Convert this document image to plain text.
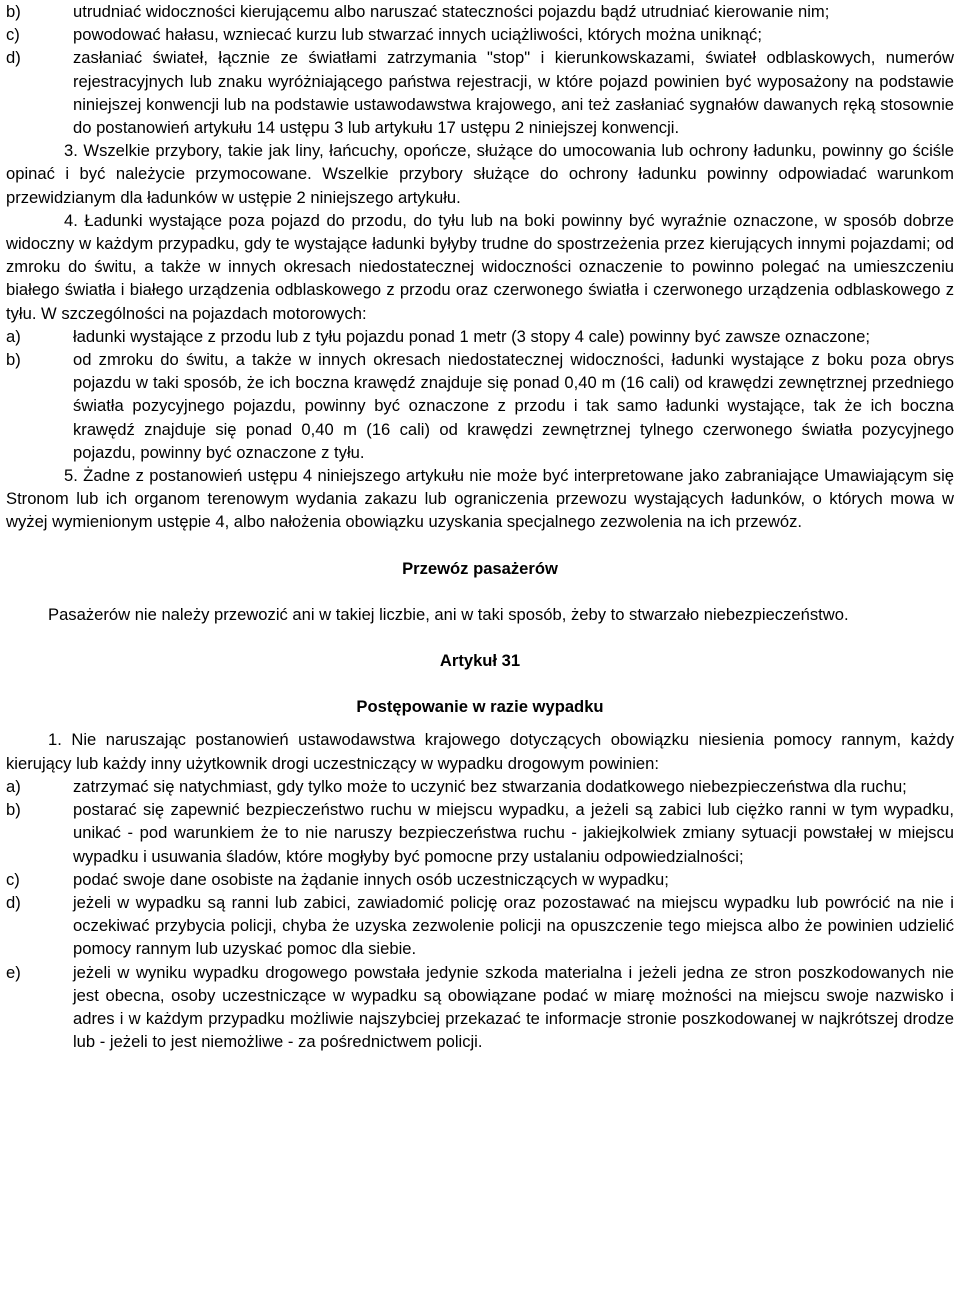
b)	utrudniać widoczności kierującemu albo naruszać stateczności pojazdu bądź utrudniać kierowanie nim;
c)	powodować hałasu, wzniecać kurzu lub stwarzać innych uciążliwości, których można uniknąć;
d)	zasłaniać świateł, łącznie ze światłami zatrzymania "stop" i kierunkowskazami, świateł odblaskowych, numerów rejestracyjnych lub znaku wyróżniającego państwa rejestracji, w które pojazd powinien być wyposażony na podstawie niniejszej konwencji lub na podstawie ustawodawstwa krajowego, ani też zasłaniać sygnałów dawanych ręką stosownie do postanowień artykułu 14 ustępu 3 lub artykułu 17 ustępu 2 niniejszej konwencji.

3. Wszelkie przybory, takie jak liny, łańcuchy, opończe, służące do umocowania lub ochrony ładunku, powinny go ściśle opinać i być należycie przymocowane. Wszelkie przybory służące do ochrony ładunku powinny odpowiadać warunkom przewidzianym dla ładunków w ustępie 2 niniejszego artykułu.

4. Ładunki wystające poza pojazd do przodu, do tyłu lub na boki powinny być wyraźnie oznaczone, w sposób dobrze widoczny w każdym przypadku, gdy te wystające ładunki byłyby trudne do spostrzeżenia przez kierujących innymi pojazdami; od zmroku do świtu, a także w innych okresach niedostatecznej widoczności oznaczenie to powinno polegać na umieszczeniu białego światła i białego urządzenia odblaskowego z przodu oraz czerwonego światła i czerwonego urządzenia odblaskowego z tyłu. W szczególności na pojazdach motorowych:

a)	ładunki wystające z przodu lub z tyłu pojazdu ponad 1 metr (3 stopy 4 cale) powinny być zawsze oznaczone;
b)	od zmroku do świtu, a także w innych okresach niedostatecznej widoczności, ładunki wystające z boku poza obrys pojazdu w taki sposób, że ich boczna krawędź znajduje się ponad 0,40 m (16 cali) od krawędzi zewnętrznej przedniego światła pozycyjnego pojazdu, powinny być oznaczone z przodu i tak samo ładunki wystające, tak że ich boczna krawędź znajduje się ponad 0,40 m (16 cali) od krawędzi zewnętrznej tylnego czerwonego światła pozycyjnego pojazdu, powinny być oznaczone z tyłu.

5. Żadne z postanowień ustępu 4 niniejszego artykułu nie może być interpretowane jako zabraniające Umawiającym się Stronom lub ich organom terenowym wydania zakazu lub ograniczenia przewozu wystających ładunków, o których mowa w wyżej wymienionym ustępie 4, albo nałożenia obowiązku uzyskania specjalnego zezwolenia na ich przewóz.

Przewóz pasażerów

Pasażerów nie należy przewozić ani w takiej liczbie, ani w taki sposób, żeby to stwarzało niebezpieczeństwo.

Artykuł 31

Postępowanie w razie wypadku

1. Nie naruszając postanowień ustawodawstwa krajowego dotyczących obowiązku niesienia pomocy rannym, każdy kierujący lub każdy inny użytkownik drogi uczestniczący w wypadku drogowym powinien:

a)	zatrzymać się natychmiast, gdy tylko może to uczynić bez stwarzania dodatkowego niebezpieczeństwa dla ruchu;
b)	postarać się zapewnić bezpieczeństwo ruchu w miejscu wypadku, a jeżeli są zabici lub ciężko ranni w tym wypadku, unikać - pod warunkiem że to nie naruszy bezpieczeństwa ruchu - jakiejkolwiek zmiany sytuacji powstałej w miejscu wypadku i usuwania śladów, które mogłyby być pomocne przy ustalaniu odpowiedzialności;
c)	podać swoje dane osobiste na żądanie innych osób uczestniczących w wypadku;
d)	jeżeli w wypadku są ranni lub zabici, zawiadomić policję oraz pozostawać na miejscu wypadku lub powrócić na nie i oczekiwać przybycia policji, chyba że uzyska zezwolenie policji na opuszczenie tego miejsca albo że powinien udzielić pomocy rannym lub uzyskać pomoc dla siebie.
e)	jeżeli w wyniku wypadku drogowego powstała jedynie szkoda materialna i jeżeli jedna ze stron poszkodowanych nie jest obecna, osoby uczestniczące w wypadku są obowiązane podać w miarę możności na miejscu swoje nazwisko i adres i w każdym przypadku możliwie najszybciej przekazać te informacje stronie poszkodowanej w najkrótszej drodze lub - jeżeli to jest niemożliwe - za pośrednictwem policji.
